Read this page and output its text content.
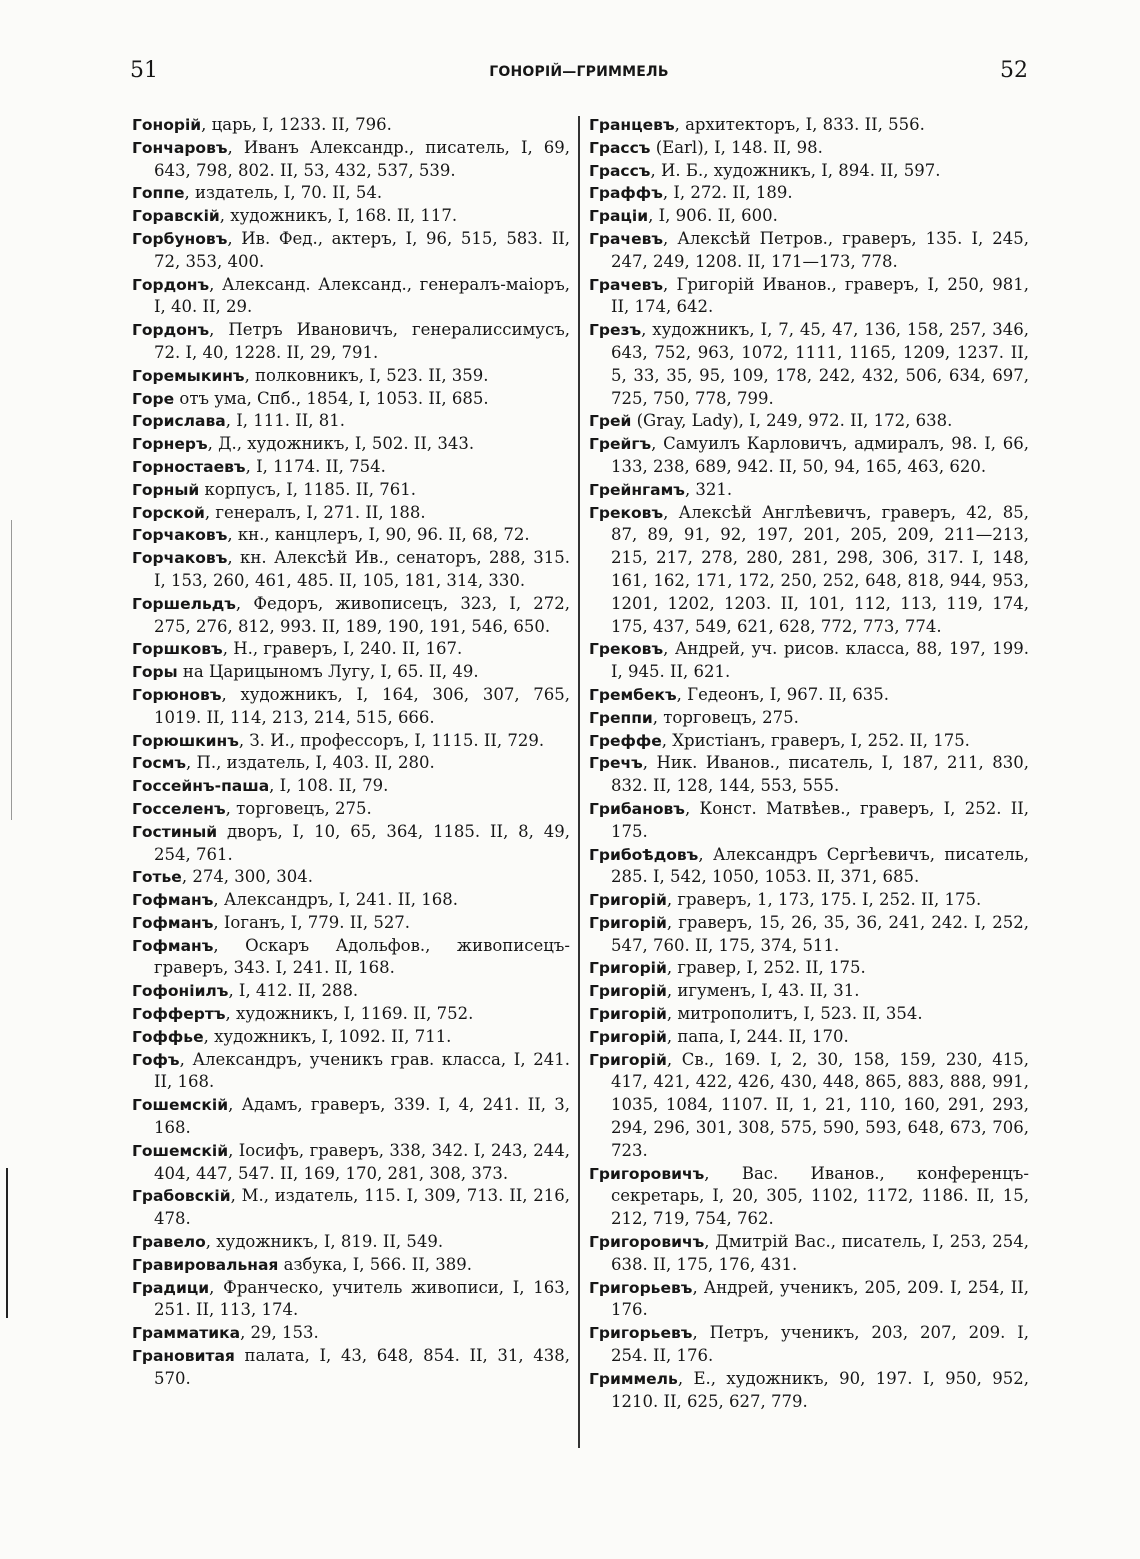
51	ГОНОРІЙ—ГРИММЕЛЬ	52

Гонорій, царь, I, 1233. II, 796.

Гончаровъ, Иванъ Александр., писатель, I, 69, 643, 798, 802. II, 53, 432, 537, 539.

Гоппе, издатель, I, 70. II, 54.

Горавскій, художникъ, I, 168. II, 117.

Горбуновъ, Ив. Фед., актеръ, I, 96, 515, 583. II, 72, 353, 400.

Гордонъ, Александ. Александ., генералъ-маіоръ, I, 40. II, 29.

Гордонъ, Петръ Ивановичъ, генералиссимусъ, 72. I, 40, 1228. II, 29, 791.

Горемыкинъ, полковникъ, I, 523. II, 359.

Горе отъ ума, Спб., 1854, I, 1053. II, 685.

Горислава, I, 111. II, 81.

Горнеръ, Д., художникъ, I, 502. II, 343.

Горностаевъ, I, 1174. II, 754.

Горный корпусъ, I, 1185. II, 761.

Горской, генералъ, I, 271. II, 188.

Горчаковъ, кн., канцлеръ, I, 90, 96. II, 68, 72.

Горчаковъ, кн. Алексѣй Ив., сенаторъ, 288, 315. I, 153, 260, 461, 485. II, 105, 181, 314, 330.

Горшельдъ, Федоръ, живописецъ, 323, I, 272, 275, 276, 812, 993. II, 189, 190, 191, 546, 650.

Горшковъ, Н., граверъ, I, 240. II, 167.

Горы на Царицыномъ Лугу, I, 65. II, 49.

Горюновъ, художникъ, I, 164, 306, 307, 765, 1019. II, 114, 213, 214, 515, 666.

Горюшкинъ, З. И., профессоръ, I, 1115. II, 729.

Госмъ, П., издатель, I, 403. II, 280.

Госсейнъ-паша, I, 108. II, 79.

Госселенъ, торговецъ, 275.

Гостиный дворъ, I, 10, 65, 364, 1185. II, 8, 49, 254, 761.

Готье, 274, 300, 304.

Гофманъ, Александръ, I, 241. II, 168.

Гофманъ, Іоганъ, I, 779. II, 527.

Гофманъ, Оскаръ Адольфов., живописецъ-граверъ, 343. I, 241. II, 168.

Гофоніилъ, I, 412. II, 288.

Гоффертъ, художникъ, I, 1169. II, 752.

Гоффье, художникъ, I, 1092. II, 711.

Гофъ, Александръ, ученикъ грав. класса, I, 241. II, 168.

Гошемскій, Адамъ, граверъ, 339. I, 4, 241. II, 3, 168.

Гошемскій, Іосифъ, граверъ, 338, 342. I, 243, 244, 404, 447, 547. II, 169, 170, 281, 308, 373.

Грабовскій, М., издатель, 115. I, 309, 713. II, 216, 478.

Гравело, художникъ, I, 819. II, 549.

Гравировальная азбука, I, 566. II, 389.

Градици, Франческо, учитель живописи, I, 163, 251. II, 113, 174.

Грамматика, 29, 153.

Грановитая палата, I, 43, 648, 854. II, 31, 438, 570.

Гранцевъ, архитекторъ, I, 833. II, 556.

Грассъ (Earl), I, 148. II, 98.

Грассъ, И. Б., художникъ, I, 894. II, 597.

Граффъ, I, 272. II, 189.

Граціи, I, 906. II, 600.

Грачевъ, Алексѣй Петров., граверъ, 135. I, 245, 247, 249, 1208. II, 171—173, 778.

Грачевъ, Григорій Иванов., граверъ, I, 250, 981, II, 174, 642.

Грезъ, художникъ, I, 7, 45, 47, 136, 158, 257, 346, 643, 752, 963, 1072, 1111, 1165, 1209, 1237. II, 5, 33, 35, 95, 109, 178, 242, 432, 506, 634, 697, 725, 750, 778, 799.

Грей (Gray, Lady), I, 249, 972. II, 172, 638.

Грейгъ, Самуилъ Карловичъ, адмиралъ, 98. I, 66, 133, 238, 689, 942. II, 50, 94, 165, 463, 620.

Грейнгамъ, 321.

Грековъ, Алексѣй Англѣевичъ, граверъ, 42, 85, 87, 89, 91, 92, 197, 201, 205, 209, 211—213, 215, 217, 278, 280, 281, 298, 306, 317. I, 148, 161, 162, 171, 172, 250, 252, 648, 818, 944, 953, 1201, 1202, 1203. II, 101, 112, 113, 119, 174, 175, 437, 549, 621, 628, 772, 773, 774.

Грековъ, Андрей, уч. рисов. класса, 88, 197, 199. I, 945. II, 621.

Грембекъ, Гедеонъ, I, 967. II, 635.

Греппи, торговецъ, 275.

Греффе, Христіанъ, граверъ, I, 252. II, 175.

Гречъ, Ник. Иванов., писатель, I, 187, 211, 830, 832. II, 128, 144, 553, 555.

Грибановъ, Конст. Матвѣев., граверъ, I, 252. II, 175.

Грибоѣдовъ, Александръ Сергѣевичъ, писатель, 285. I, 542, 1050, 1053. II, 371, 685.

Григорій, граверъ, 1, 173, 175. I, 252. II, 175.

Григорій, граверъ, 15, 26, 35, 36, 241, 242. I, 252, 547, 760. II, 175, 374, 511.

Григорій, гравер, I, 252. II, 175.

Григорій, игуменъ, I, 43. II, 31.

Григорій, митрополитъ, I, 523. II, 354.

Григорій, папа, I, 244. II, 170.

Григорій, Св., 169. I, 2, 30, 158, 159, 230, 415, 417, 421, 422, 426, 430, 448, 865, 883, 888, 991, 1035, 1084, 1107. II, 1, 21, 110, 160, 291, 293, 294, 296, 301, 308, 575, 590, 593, 648, 673, 706, 723.

Григоровичъ, Вас. Иванов., конференцъ-секретарь, I, 20, 305, 1102, 1172, 1186. II, 15, 212, 719, 754, 762.

Григоровичъ, Дмитрій Вас., писатель, I, 253, 254, 638. II, 175, 176, 431.

Григорьевъ, Андрей, ученикъ, 205, 209. I, 254, II, 176.

Григорьевъ, Петръ, ученикъ, 203, 207, 209. I, 254. II, 176.

Гриммель, Е., художникъ, 90, 197. I, 950, 952, 1210. II, 625, 627, 779.
